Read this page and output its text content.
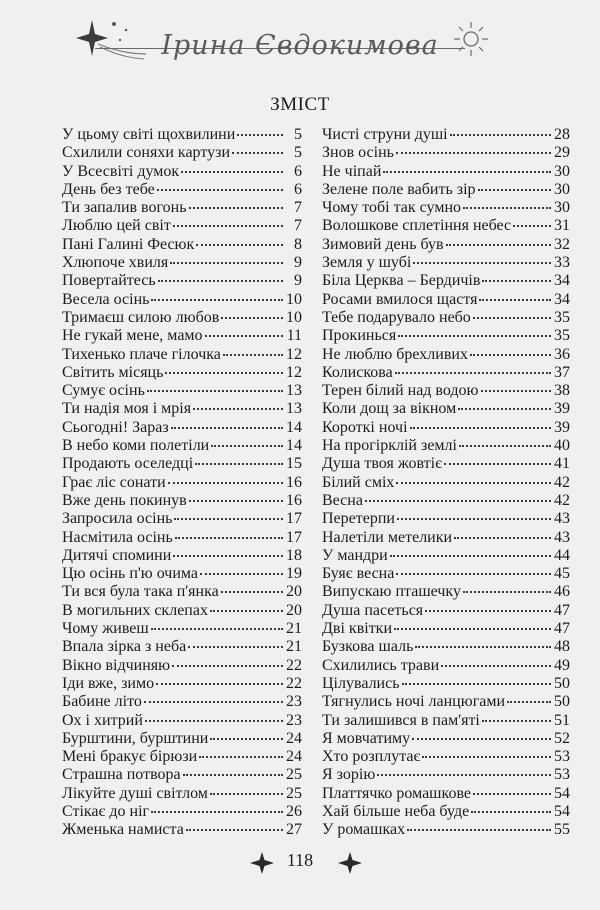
Ірина Євдокимова
ЗМІСТ
У цьому світі щохвилини	5
Схилили соняхи картузи	5
У Всесвіті думок	6
День без тебе	6
Ти запалив вогонь	7
Люблю цей світ	7
Пані Галині Фесюк	8
Хлюпоче хвиля	9
Повертайтесь	9
Весела осінь	10
Тримаєш силою любов	10
Не гукай мене, мамо	11
Тихенько плаче гілочка	12
Світить місяць	12
Сумує осінь	13
Ти надія моя і мрія	13
Сьогодні! Зараз	14
В небо коми полетіли	14
Продають оселедці	15
Грає ліс сонати	16
Вже день покинув	16
Запросила осінь	17
Насмітила осінь	17
Дитячі спомини	18
Цю осінь п'ю очима	19
Ти вся була така п'янка	20
В могильних склепах	20
Чому живеш	21
Впала зірка з неба	21
Вікно відчиняю	22
Іди вже, зимо	22
Бабине літо	23
Ох і хитрий	23
Бурштини, бурштини	24
Мені бракує бірюзи	24
Страшна потвора	25
Лікуйте душі світлом	25
Стікає до ніг	26
Жменька намиста	27
Чисті струни душі	28
Знов осінь	29
Не чіпай	30
Зелене поле вабить зір	30
Чому тобі так сумно	30
Волошкове сплетіння небес	31
Зимовий день був	32
Земля у шубі	33
Біла Церква – Бердичів	34
Росами вмилося щастя	34
Тебе подарувало небо	35
Прокинься	35
Не люблю брехливих	36
Колискова	37
Терен білий над водою	38
Коли дощ за вікном	39
Короткі ночі	39
На прогірклій землі	40
Душа твоя жовтіє	41
Білий сміх	42
Весна	42
Перетерпи	43
Налетіли метелики	43
У мандри	44
Буяє весна	45
Випускаю пташечку	46
Душа пасеться	47
Дві квітки	47
Бузкова шаль	48
Схилились трави	49
Цілувались	50
Тягнулись ночі ланцюгами	50
Ти залишився в пам'яті	51
Я мовчатиму	52
Хто розплутає	53
Я зорію	53
Платтячко ромашкове	54
Хай більше неба буде	54
У ромашках	55
118
